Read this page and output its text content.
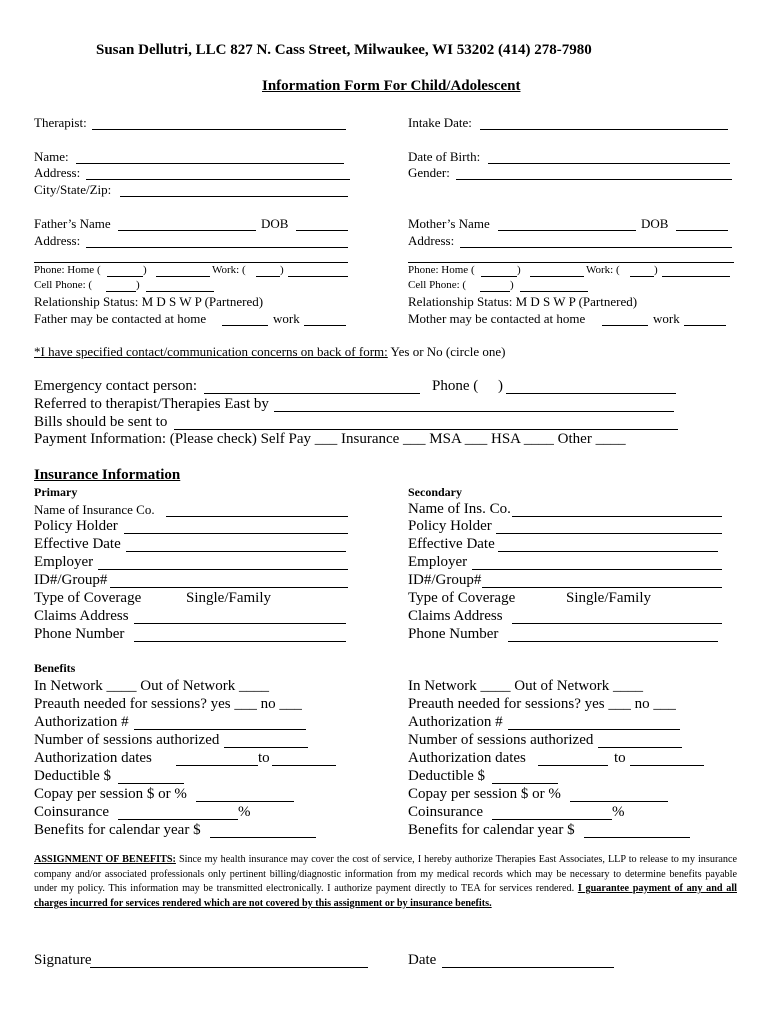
Susan Dellutri, LLC 827 N. Cass Street, Milwaukee, WI 53202 (414) 278-7980
Information Form For Child/Adolescent
Therapist:	Intake Date:
Name:	Date of Birth:
Address:	Gender:
City/State/Zip:
Father’s Name	DOB
Address:
Phone: Home (	)	Work: (	)
Cell Phone: (	)
Relationship Status: M D S W P (Partnered)
Father may be contacted at home	work
Mother’s Name	DOB
Address:
Phone: Home (	)	Work: (	)
Cell Phone: (	)
Relationship Status: M D S W P (Partnered)
Mother may be contacted at home	work
*I have specified contact/communication concerns on back of form: Yes or No (circle one)
Emergency contact person:	Phone ( )
Referred to therapist/Therapies East by
Bills should be sent to
Payment Information: (Please check) Self Pay ___ Insurance ___ MSA ___ HSA ____ Other ____
Insurance Information
Primary
Name of Insurance Co.
Policy Holder
Effective Date
Employer
ID#/Group#
Type of Coverage	Single/Family
Claims Address
Phone Number
Secondary
Name of Ins. Co.
Policy Holder
Effective Date
Employer
ID#/Group#
Type of Coverage	Single/Family
Claims Address
Phone Number
Benefits
In Network ____ Out of Network ____
Preauth needed for sessions? yes ___ no ___
Authorization #
Number of sessions authorized
Authorization dates	to
Deductible $
Copay per session $ or %
Coinsurance	%
Benefits for calendar year $
In Network ____ Out of Network ____
Preauth needed for sessions? yes ___ no ___
Authorization #
Number of sessions authorized
Authorization dates	to
Deductible $
Copay per session $ or %
Coinsurance	%
Benefits for calendar year $
ASSIGNMENT OF BENEFITS: Since my health insurance may cover the cost of service, I hereby authorize Therapies East Associates, LLP to release to my insurance company and/or associated professionals only pertinent billing/diagnostic information from my medical records which may be necessary to determine benefits payable under my policy. This information may be transmitted electronically. I authorize payment directly to TEA for services rendered. I guarantee payment of any and all charges incurred for services rendered which are not covered by this assignment or by insurance benefits.
Signature	Date
